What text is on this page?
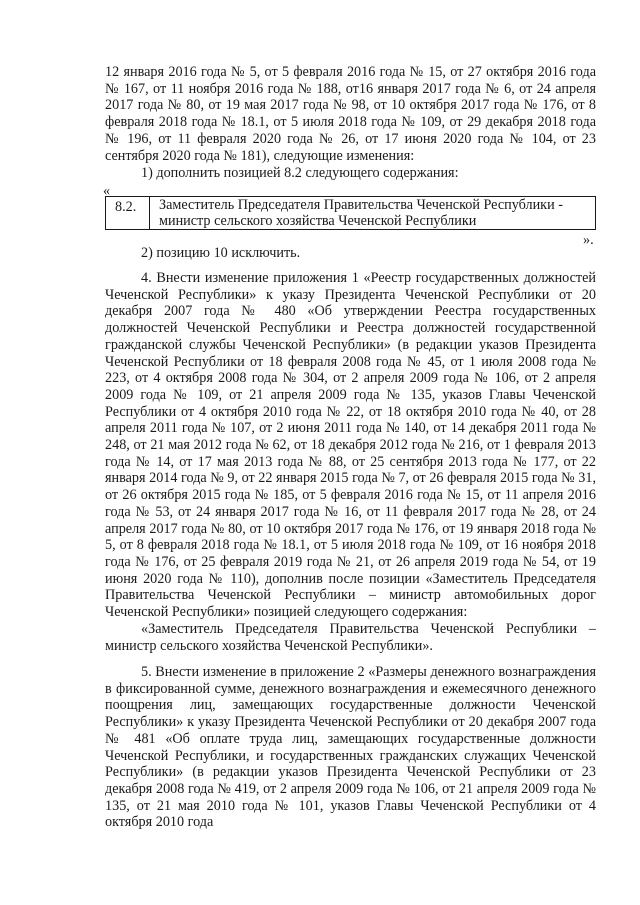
12 января 2016 года № 5, от 5 февраля 2016 года № 15, от 27 октября 2016 года № 167, от 11 ноября 2016 года № 188, от16 января 2017 года № 6, от 24 апреля 2017 года № 80, от 19 мая 2017 года № 98, от 10 октября 2017 года № 176, от 8 февраля 2018 года № 18.1, от 5 июля 2018 года № 109, от 29 декабря 2018 года № 196, от 11 февраля 2020 года № 26, от 17 июня 2020 года № 104, от 23 сентября 2020 года № 181), следующие изменения:
1) дополнить позицией 8.2 следующего содержания:
«
8.2.	Заместитель Председателя Правительства Чеченской Республики - министр сельского хозяйства Чеченской Республики
».
2) позицию 10 исключить.
4. Внести изменение приложения 1 «Реестр государственных должностей Чеченской Республики» к указу Президента Чеченской Республики от 20 декабря 2007 года № 480 «Об утверждении Реестра государственных должностей Чеченской Республики и Реестра должностей государственной гражданской службы Чеченской Республики» (в редакции указов Президента Чеченской Республики от 18 февраля 2008 года № 45, от 1 июля 2008 года № 223, от 4 октября 2008 года № 304, от 2 апреля 2009 года № 106, от 2 апреля 2009 года № 109, от 21 апреля 2009 года № 135, указов Главы Чеченской Республики от 4 октября 2010 года № 22, от 18 октября 2010 года № 40, от 28 апреля 2011 года № 107, от 2 июня 2011 года № 140, от 14 декабря 2011 года № 248, от 21 мая 2012 года № 62, от 18 декабря 2012 года № 216, от 1 февраля 2013 года № 14, от 17 мая 2013 года № 88, от 25 сентября 2013 года № 177, от 22 января 2014 года № 9, от 22 января 2015 года № 7, от 26 февраля 2015 года № 31, от 26 октября 2015 года № 185, от 5 февраля 2016 года № 15, от 11 апреля 2016 года № 53, от 24 января 2017 года № 16, от 11 февраля 2017 года № 28, от 24 апреля 2017 года № 80, от 10 октября 2017 года № 176, от 19 января 2018 года № 5, от 8 февраля 2018 года № 18.1, от 5 июля 2018 года № 109, от 16 ноября 2018 года № 176, от 25 февраля 2019 года № 21, от 26 апреля 2019 года № 54, от 19 июня 2020 года № 110), дополнив после позиции «Заместитель Председателя Правительства Чеченской Республики – министр автомобильных дорог Чеченской Республики» позицией следующего содержания:
«Заместитель Председателя Правительства Чеченской Республики – министр сельского хозяйства Чеченской Республики».
5. Внести изменение в приложение 2 «Размеры денежного вознаграждения в фиксированной сумме, денежного вознаграждения и ежемесячного денежного поощрения лиц, замещающих государственные должности Чеченской Республики» к указу Президента Чеченской Республики от 20 декабря 2007 года № 481 «Об оплате труда лиц, замещающих государственные должности Чеченской Республики, и государственных гражданских служащих Чеченской Республики» (в редакции указов Президента Чеченской Республики от 23 декабря 2008 года № 419, от 2 апреля 2009 года № 106, от 21 апреля 2009 года № 135, от 21 мая 2010 года № 101, указов Главы Чеченской Республики от 4 октября 2010 года
